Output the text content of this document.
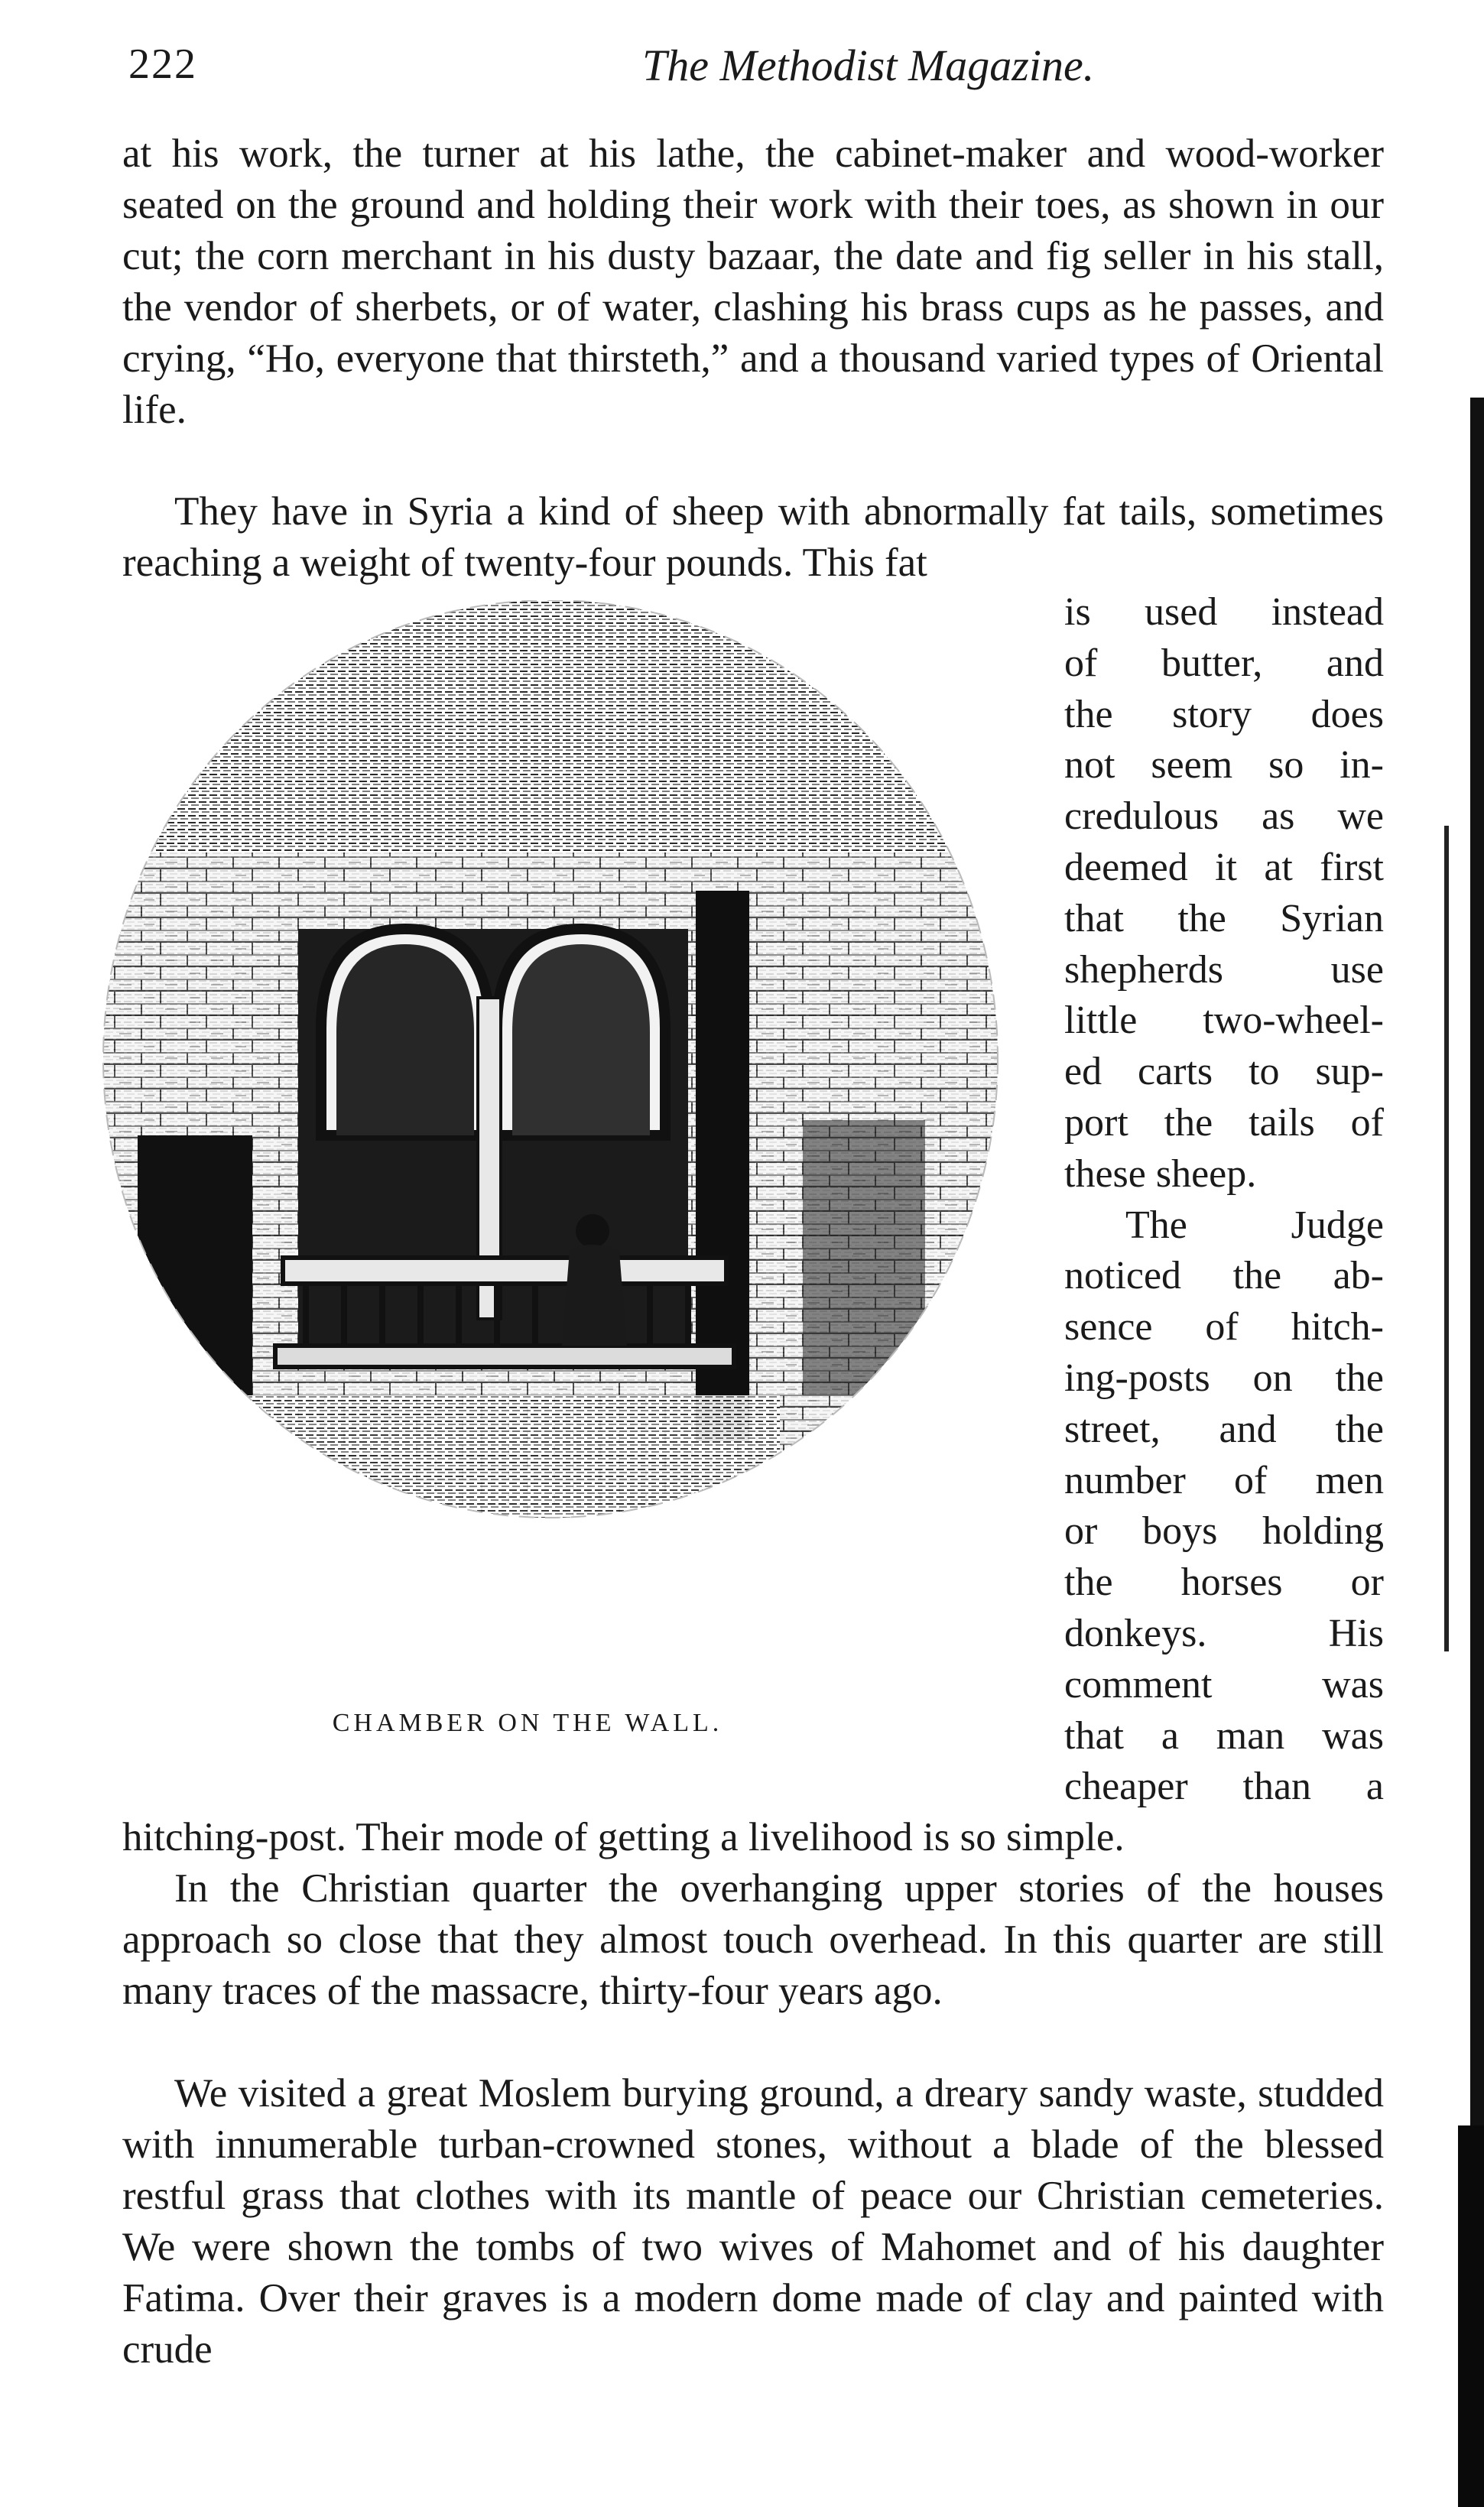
222	The Methodist Magazine.

at his work, the turner at his lathe, the cabinet-maker and wood-worker seated on the ground and holding their work with their toes, as shown in our cut; the corn merchant in his dusty bazaar, the date and fig seller in his stall, the vendor of sherbets, or of water, clashing his brass cups as he passes, and crying, “Ho, everyone that thirsteth,” and a thousand varied types of Oriental life.

They have in Syria a kind of sheep with abnormally fat tails, sometimes reaching a weight of twenty-four pounds. This fat

CHAMBER ON THE WALL.
is used instead
of butter, and
the story does
not seem so in-
credulous as we
deemed it at first
that the Syrian
shepherds use
little two-wheel-
ed carts to sup-
port the tails of
these sheep.
The Judge
noticed the ab-
sence of hitch-
ing-posts on the
street, and the
number of men
or boys holding
the horses or
donkeys. His
comment was
that a man was
cheaper than a

hitching-post. Their mode of getting a livelihood is so simple.

In the Christian quarter the overhanging upper stories of the houses approach so close that they almost touch overhead. In this quarter are still many traces of the massacre, thirty-four years ago.

We visited a great Moslem burying ground, a dreary sandy waste, studded with innumerable turban-crowned stones, without a blade of the blessed restful grass that clothes with its mantle of peace our Christian cemeteries. We were shown the tombs of two wives of Mahomet and of his daughter Fatima. Over their graves is a modern dome made of clay and painted with crude
